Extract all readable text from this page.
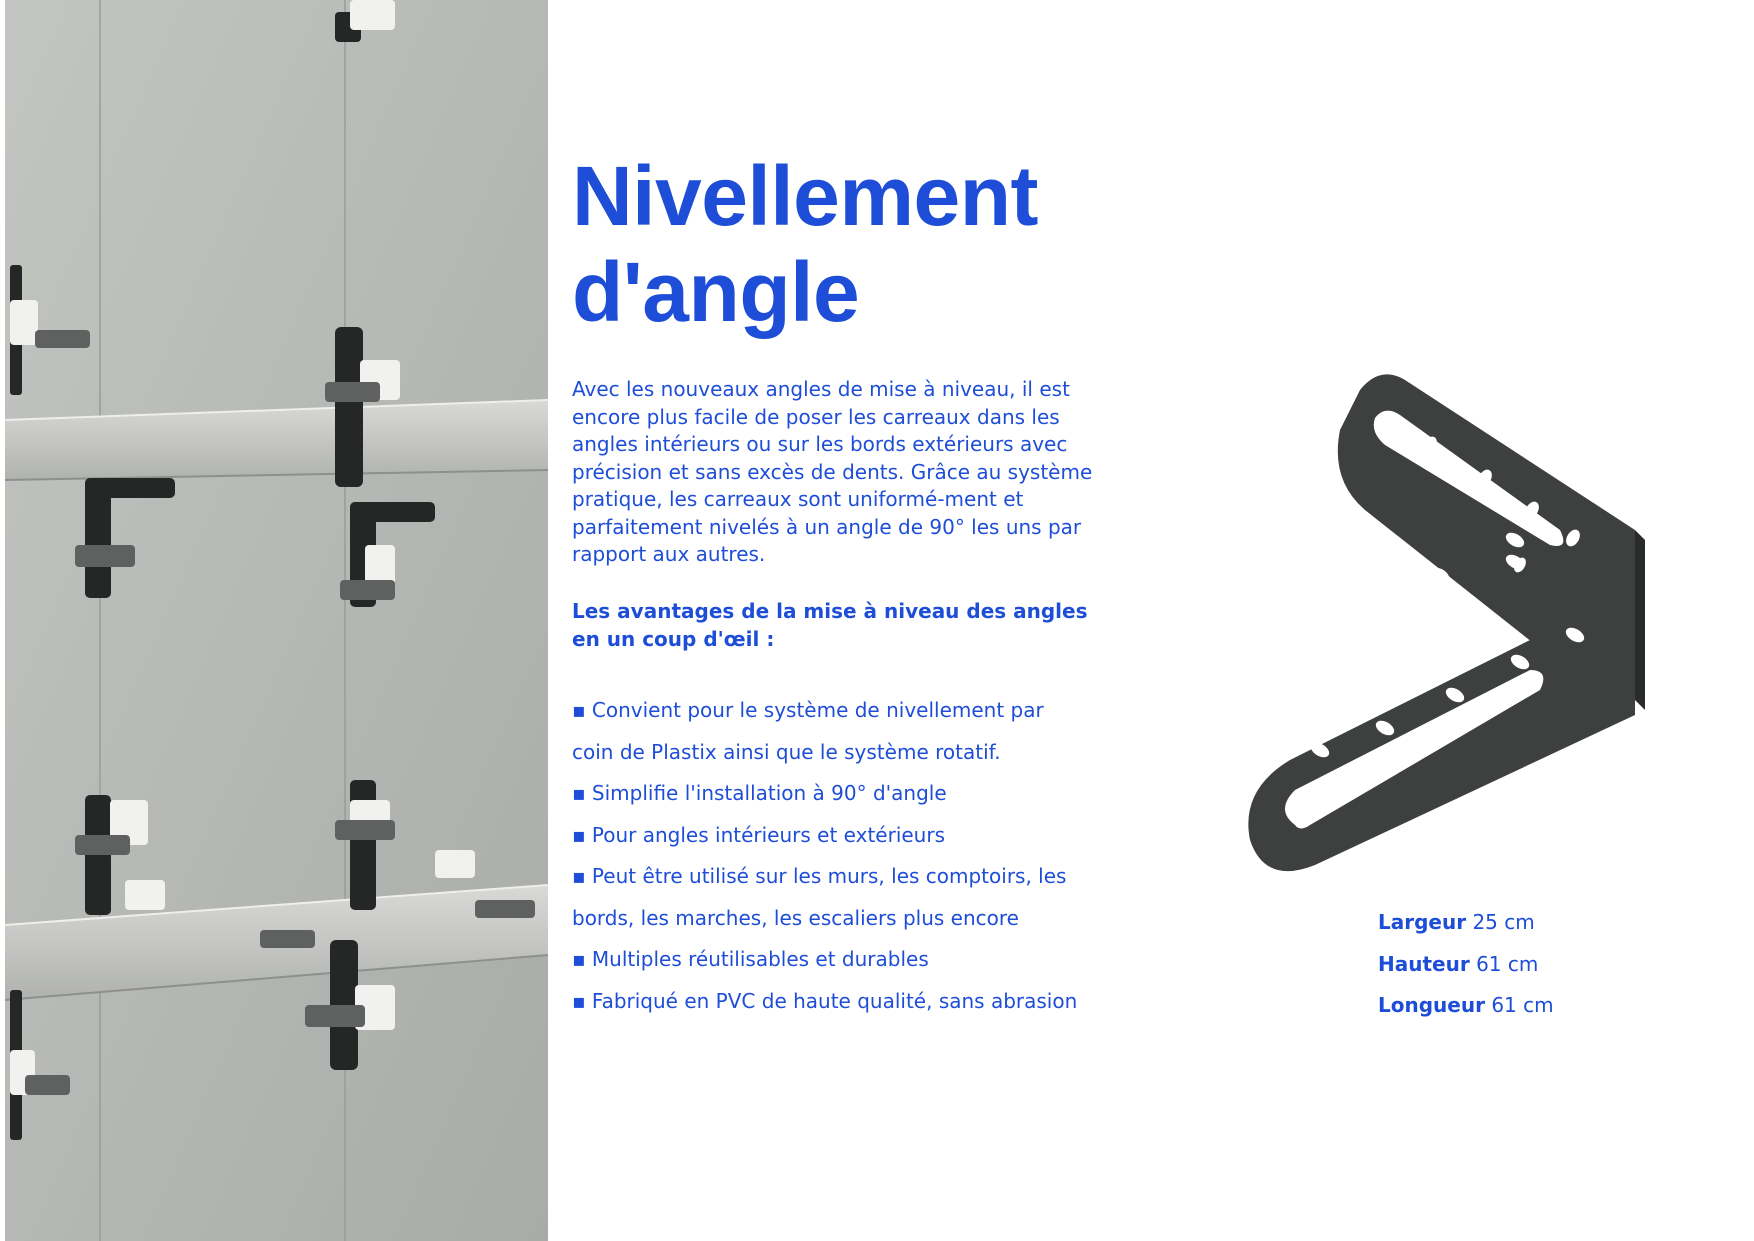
Nivellement
d'angle

Avec les nouveaux angles de mise à niveau, il est encore plus facile de poser les carreaux dans les angles intérieurs ou sur les bords extérieurs avec précision et sans excès de dents. Grâce au système pratique, les carreaux sont uniformé-ment et parfaitement nivelés à un angle de 90° les uns par rapport aux autres.

Les avantages de la mise à niveau des angles en un coup d'œil :

▪ Convient pour le système de nivellement par
coin de Plastix ainsi que le système rotatif.
▪ Simplifie l'installation à 90° d'angle
▪ Pour angles intérieurs et extérieurs
▪ Peut être utilisé sur les murs, les comptoirs, les
bords, les marches, les escaliers plus encore
▪ Multiples réutilisables et durables
▪ Fabriqué en PVC de haute qualité, sans abrasion
Largeur 25 cm
Hauteur 61 cm
Longueur 61 cm
